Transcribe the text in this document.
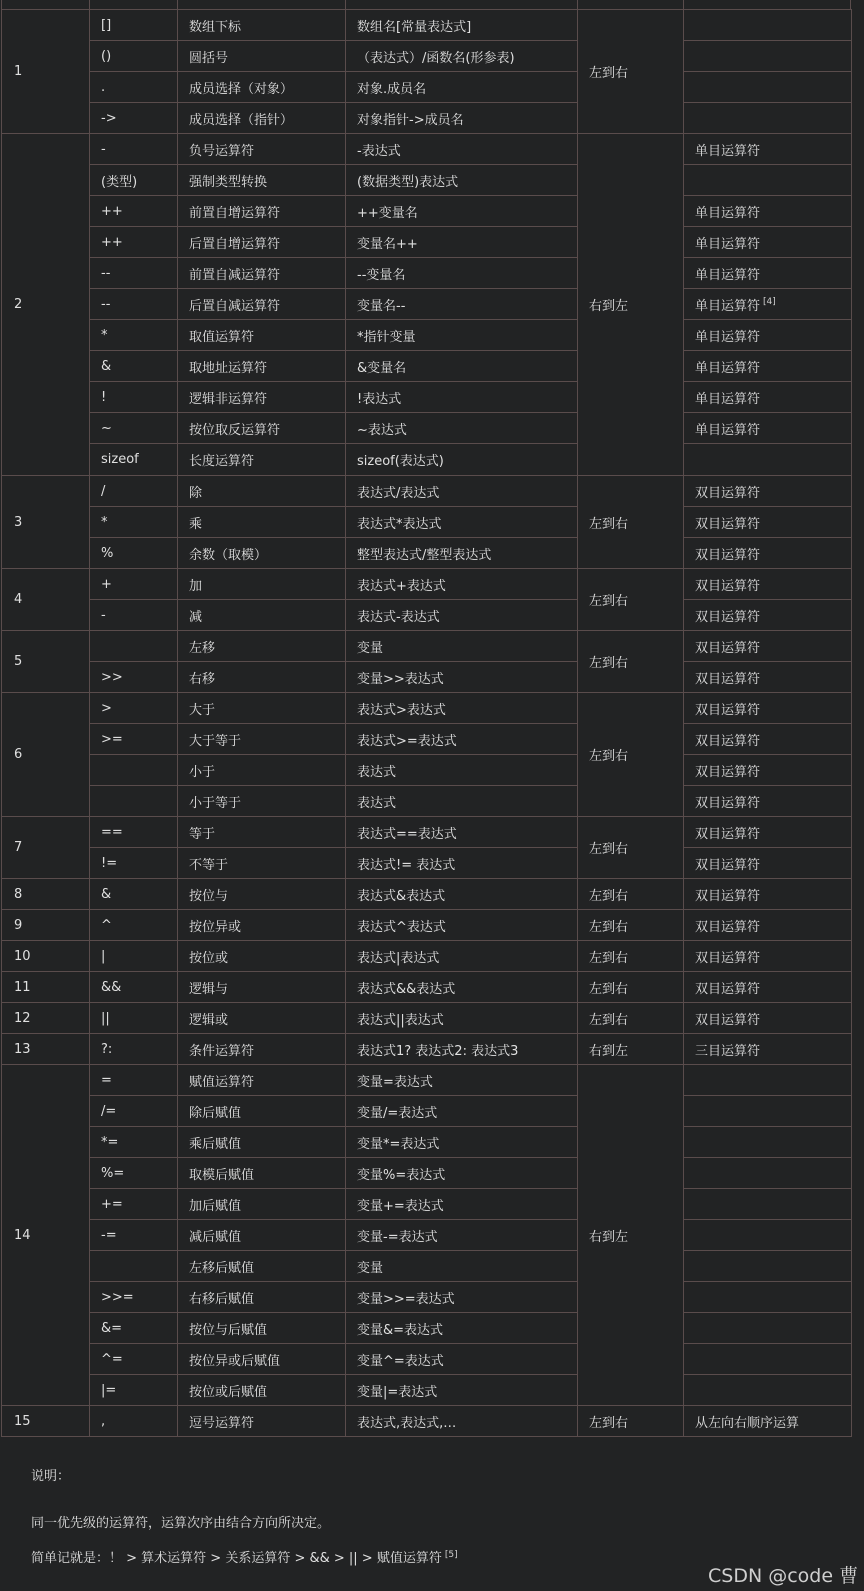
1	[]	数组下标	数组名[常量表达式]	左到右	
	()	圆括号	（表达式）/函数名(形参表)		
	.	成员选择（对象）	对象.成员名		
	->	成员选择（指针）	对象指针->成员名		
2	-	负号运算符	-表达式	右到左	单目运算符
	(类型)	强制类型转换	(数据类型)表达式		
	++	前置自增运算符	++变量名		单目运算符
	++	后置自增运算符	变量名++		单目运算符
	--	前置自减运算符	--变量名		单目运算符
	--	后置自减运算符	变量名--		单目运算符 [4]
	*	取值运算符	*指针变量		单目运算符
	&	取地址运算符	&变量名		单目运算符
	!	逻辑非运算符	!表达式		单目运算符
	~	按位取反运算符	~表达式		单目运算符
	sizeof	长度运算符	sizeof(表达式)		
3	/	除	表达式/表达式	左到右	双目运算符
	*	乘	表达式*表达式		双目运算符
	%	余数（取模）	整型表达式/整型表达式		双目运算符
4	+	加	表达式+表达式	左到右	双目运算符
	-	减	表达式-表达式		双目运算符
5		左移	变量	左到右	双目运算符
	>>	右移	变量>>表达式		双目运算符
6	>	大于	表达式>表达式	左到右	双目运算符
	>=	大于等于	表达式>=表达式		双目运算符
		小于	表达式		双目运算符
		小于等于	表达式		双目运算符
7	==	等于	表达式==表达式	左到右	双目运算符
	!=	不等于	表达式!= 表达式		双目运算符
8	&	按位与	表达式&表达式	左到右	双目运算符
9	^	按位异或	表达式^表达式	左到右	双目运算符
10	|	按位或	表达式|表达式	左到右	双目运算符
11	&&	逻辑与	表达式&&表达式	左到右	双目运算符
12	||	逻辑或	表达式||表达式	左到右	双目运算符
13	?:	条件运算符	表达式1? 表达式2: 表达式3	右到左	三目运算符
14	=	赋值运算符	变量=表达式	右到左	
	/=	除后赋值	变量/=表达式		
	*=	乘后赋值	变量*=表达式		
	%=	取模后赋值	变量%=表达式		
	+=	加后赋值	变量+=表达式		
	-=	减后赋值	变量-=表达式		
		左移后赋值	变量		
	>>=	右移后赋值	变量>>=表达式		
	&=	按位与后赋值	变量&=表达式		
	^=	按位异或后赋值	变量^=表达式		
	|=	按位或后赋值	变量|=表达式		
15	,	逗号运算符	表达式,表达式,…	左到右	从左向右顺序运算
说明：
同一优先级的运算符，运算次序由结合方向所决定。
简单记就是：！ > 算术运算符 > 关系运算符 > && > || > 赋值运算符 [5]
CSDN @code 曹
